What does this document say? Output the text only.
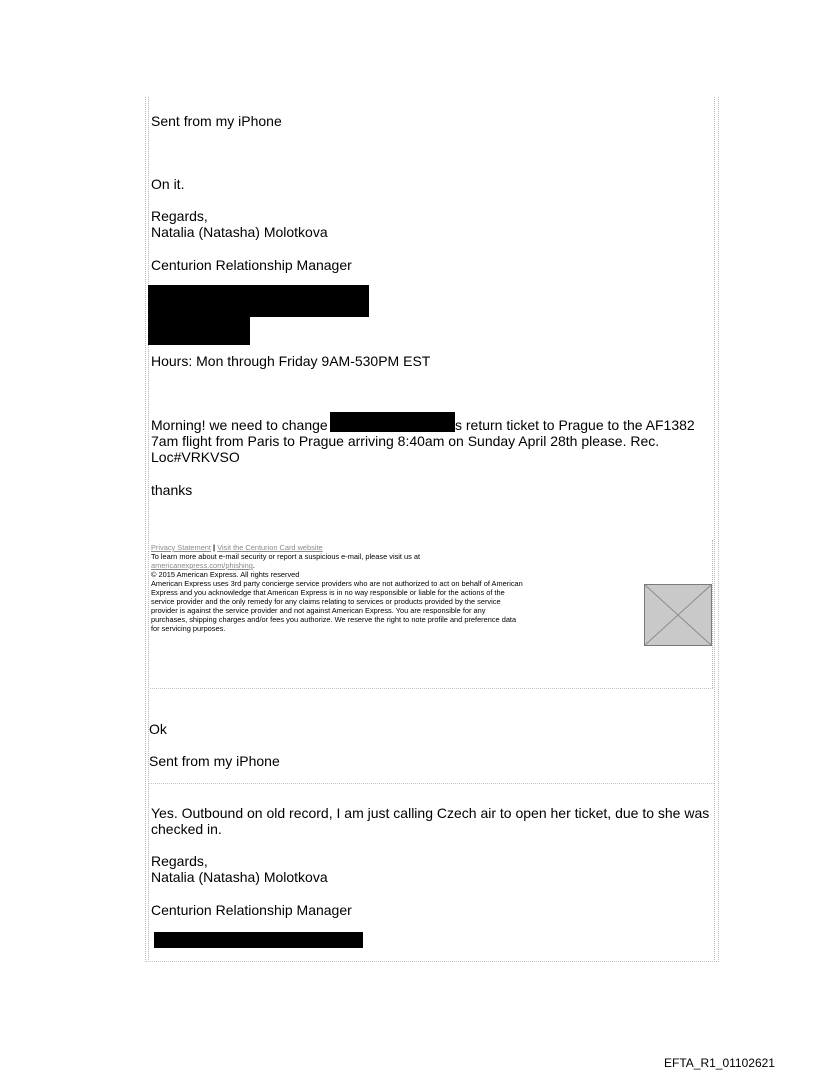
Sent from my iPhone
On it.
Regards,
Natalia (Natasha) Molotkova
Centurion Relationship Manager
Hours: Mon through Friday 9AM-530PM EST
Morning! we need to change	s return ticket to Prague to the AF1382
7am flight from Paris to Prague arriving 8:40am on Sunday April 28th please. Rec.
Loc#VRKVSO
thanks
Privacy Statement | Visit the Centurion Card website
To learn more about e-mail security or report a suspicious e-mail, please visit us at
americanexpress.com/phishing.
© 2015 American Express. All rights reserved
American Express uses 3rd party concierge service providers who are not authorized to act on behalf of American
Express and you acknowledge that American Express is in no way responsible or liable for the actions of the
service provider and the only remedy for any claims relating to services or products provided by the service
provider is against the service provider and not against American Express. You are responsible for any
purchases, shipping charges and/or fees you authorize. We reserve the right to note profile and preference data
for servicing purposes.
Ok
Sent from my iPhone
Yes. Outbound on old record, I am just calling Czech air to open her ticket, due to she was
checked in.
Regards,
Natalia (Natasha) Molotkova
Centurion Relationship Manager
EFTA_R1_01102621
